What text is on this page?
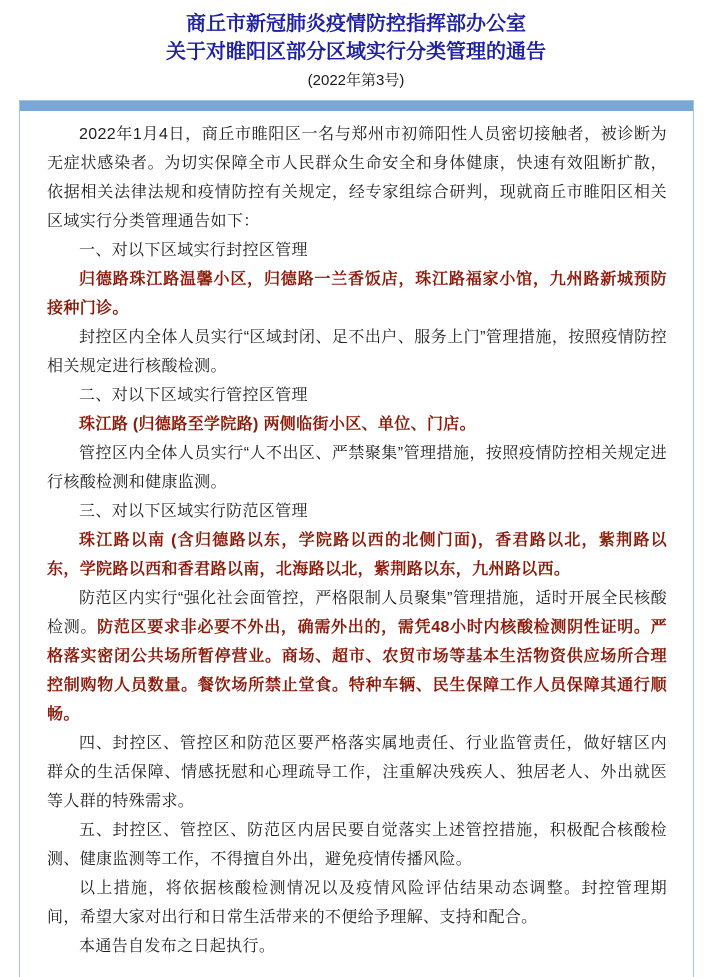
商丘市新冠肺炎疫情防控指挥部办公室
关于对睢阳区部分区域实行分类管理的通告
(2022年第3号)

2022年1月4日，商丘市睢阳区一名与郑州市初筛阳性人员密切接触者，被诊断为无症状感染者。为切实保障全市人民群众生命安全和身体健康，快速有效阻断扩散，依据相关法律法规和疫情防控有关规定，经专家组综合研判，现就商丘市睢阳区相关区域实行分类管理通告如下：

一、对以下区域实行封控区管理

归德路珠江路温馨小区，归德路一兰香饭店，珠江路福家小馆，九州路新城预防接种门诊。

封控区内全体人员实行“区域封闭、足不出户、服务上门”管理措施，按照疫情防控相关规定进行核酸检测。

二、对以下区域实行管控区管理

珠江路 (归德路至学院路) 两侧临街小区、单位、门店。

管控区内全体人员实行“人不出区、严禁聚集”管理措施，按照疫情防控相关规定进行核酸检测和健康监测。

三、对以下区域实行防范区管理

珠江路以南 (含归德路以东，学院路以西的北侧门面)，香君路以北，紫荆路以东，学院路以西和香君路以南，北海路以北，紫荆路以东，九州路以西。

防范区内实行“强化社会面管控，严格限制人员聚集”管理措施，适时开展全民核酸检测。防范区要求非必要不外出，确需外出的，需凭48小时内核酸检测阴性证明。严格落实密闭公共场所暂停营业。商场、超市、农贸市场等基本生活物资供应场所合理控制购物人员数量。餐饮场所禁止堂食。特种车辆、民生保障工作人员保障其通行顺畅。

四、封控区、管控区和防范区要严格落实属地责任、行业监管责任，做好辖区内群众的生活保障、情感抚慰和心理疏导工作，注重解决残疾人、独居老人、外出就医等人群的特殊需求。

五、封控区、管控区、防范区内居民要自觉落实上述管控措施，积极配合核酸检测、健康监测等工作，不得擅自外出，避免疫情传播风险。

以上措施，将依据核酸检测情况以及疫情风险评估结果动态调整。封控管理期间，希望大家对出行和日常生活带来的不便给予理解、支持和配合。

本通告自发布之日起执行。
